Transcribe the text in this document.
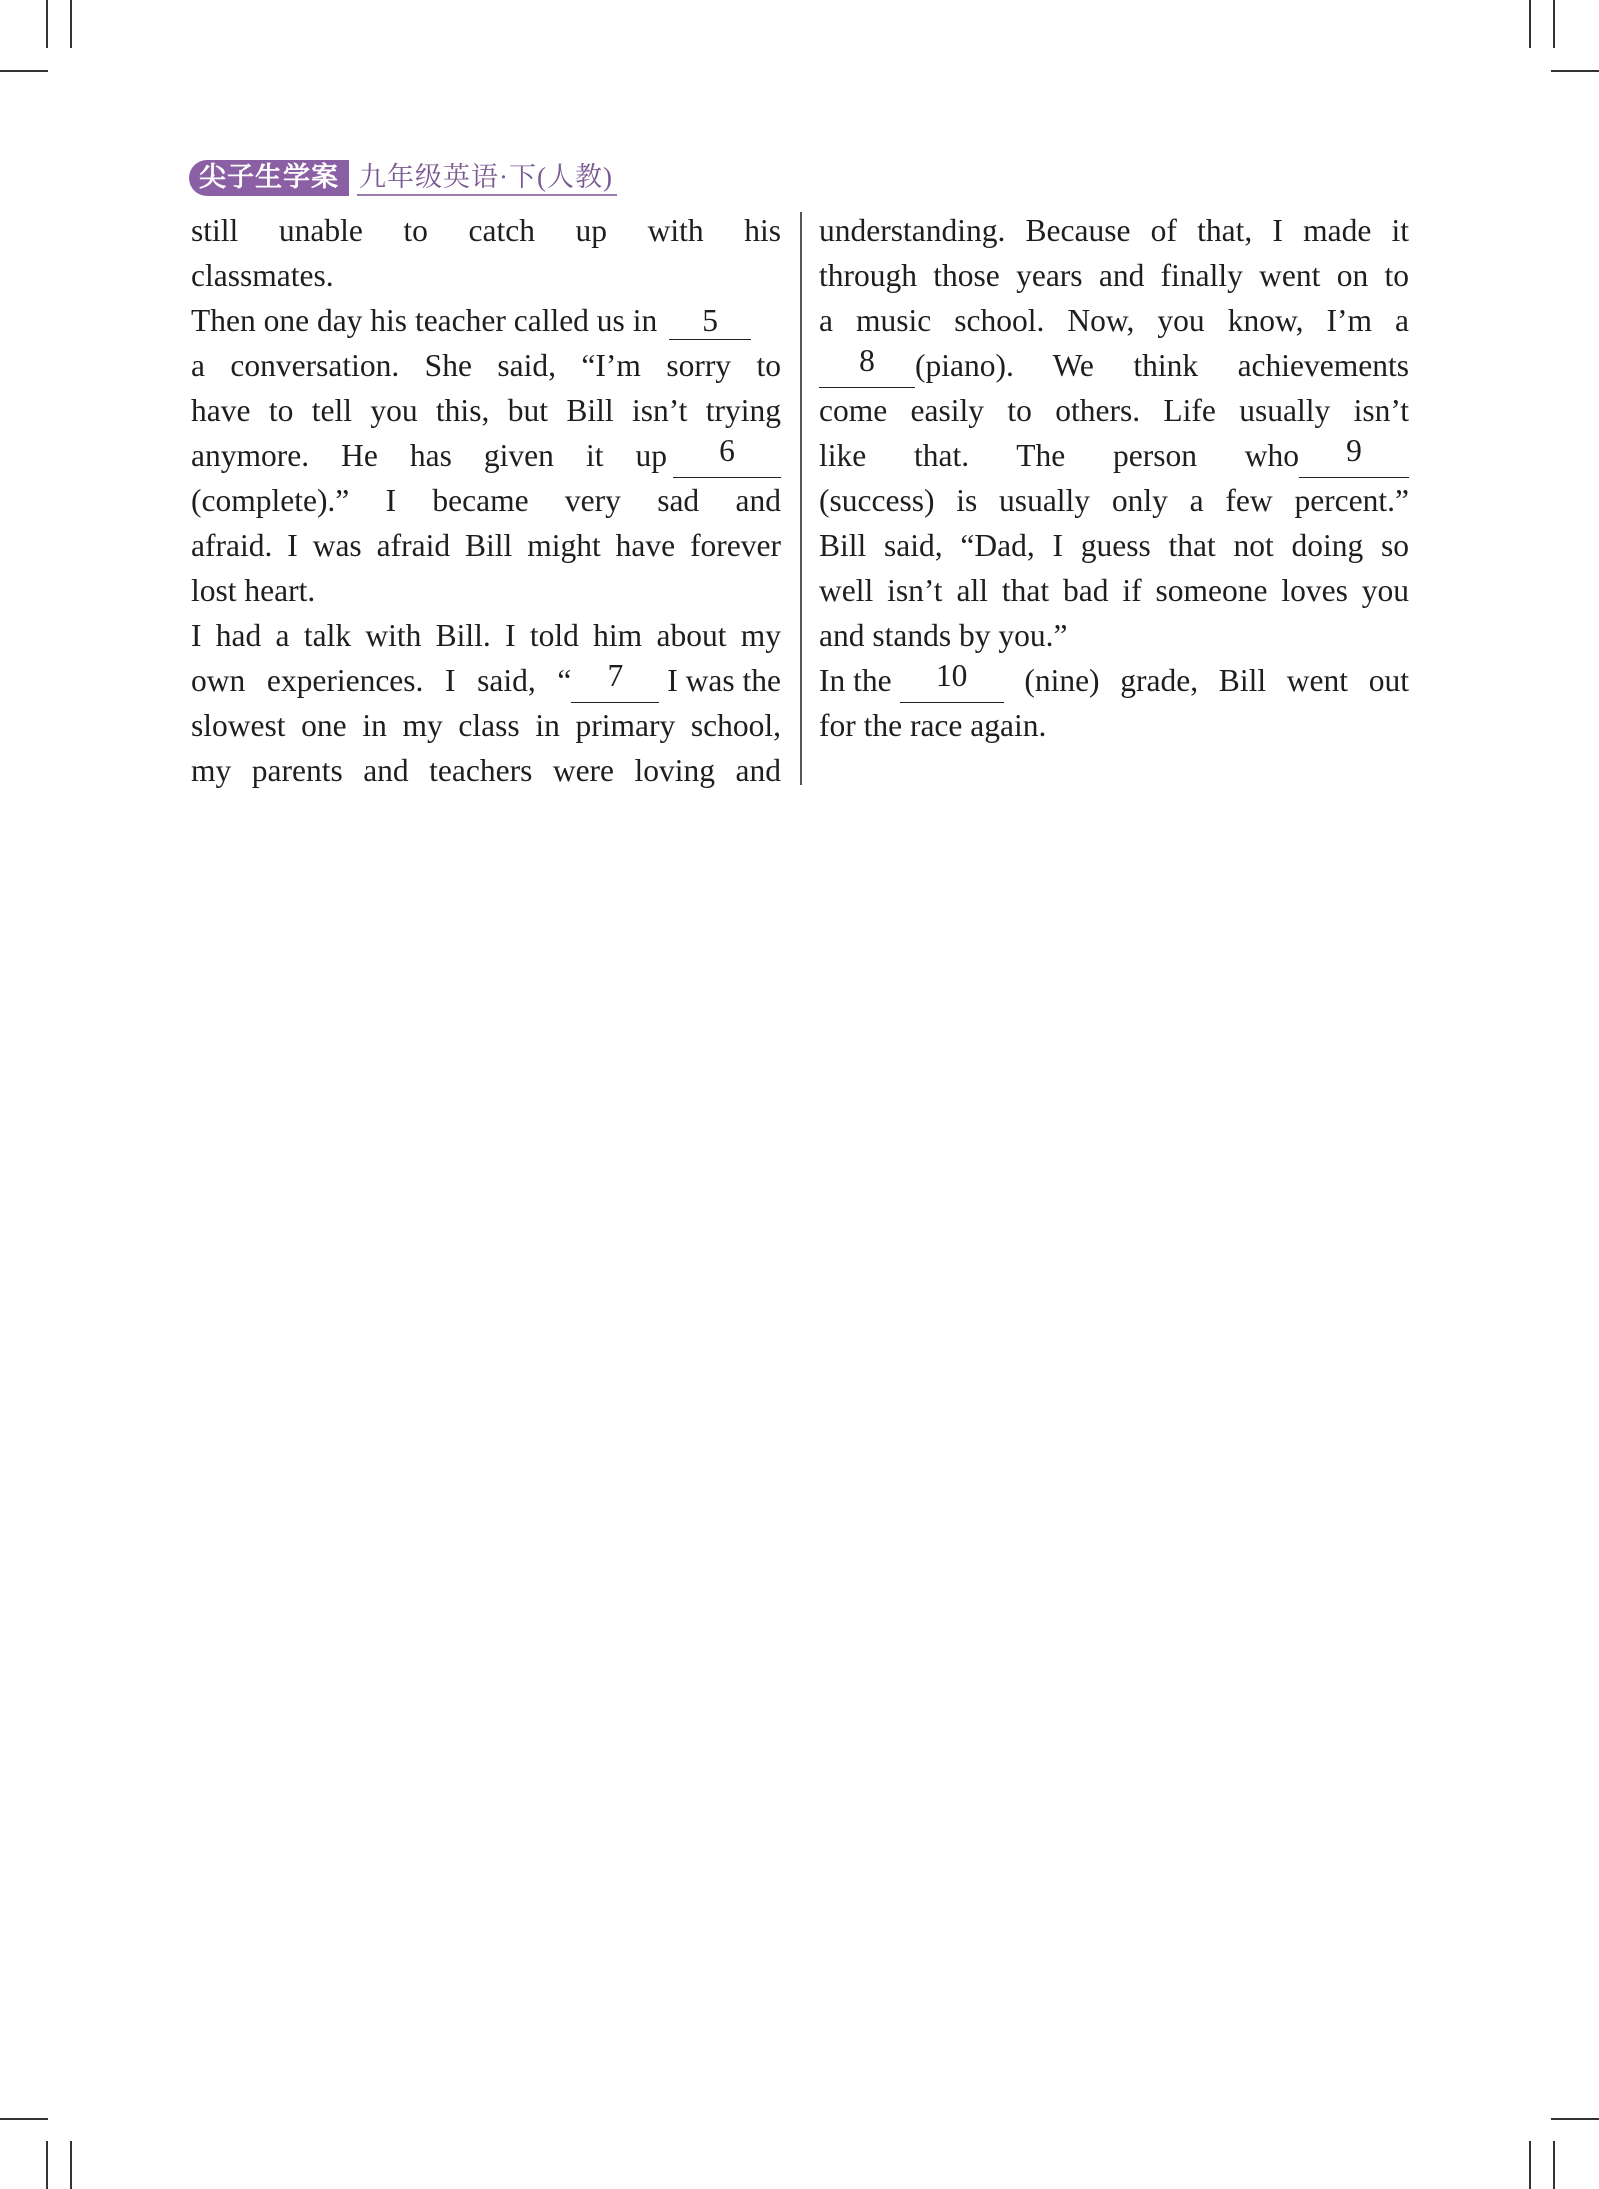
尖子生学案 九年级英语·下(人教)
still unable to catch up with his
classmates.
Then one day his teacher called us in 5
a conversation. She said, “I’m sorry to
have to tell you this, but Bill isn’t trying
anymore. He has given it up	6
(complete).” I became very sad and
afraid. I was afraid Bill might have forever
lost heart.
I had a talk with Bill. I told him about my
own experiences. I said, “	7	I was the
slowest one in my class in primary school,
my parents and teachers were loving and
understanding. Because of that, I made it
through those years and finally went on to
a music school. Now, you know, I’m a
8	(piano). We think achievements
come easily to others. Life usually isn’t
like that. The person who	9
(success) is usually only a few percent.”
Bill said, “Dad, I guess that not doing so
well isn’t all that bad if someone loves you
and stands by you.”
In the	10	(nine) grade, Bill went out
for the race again.
